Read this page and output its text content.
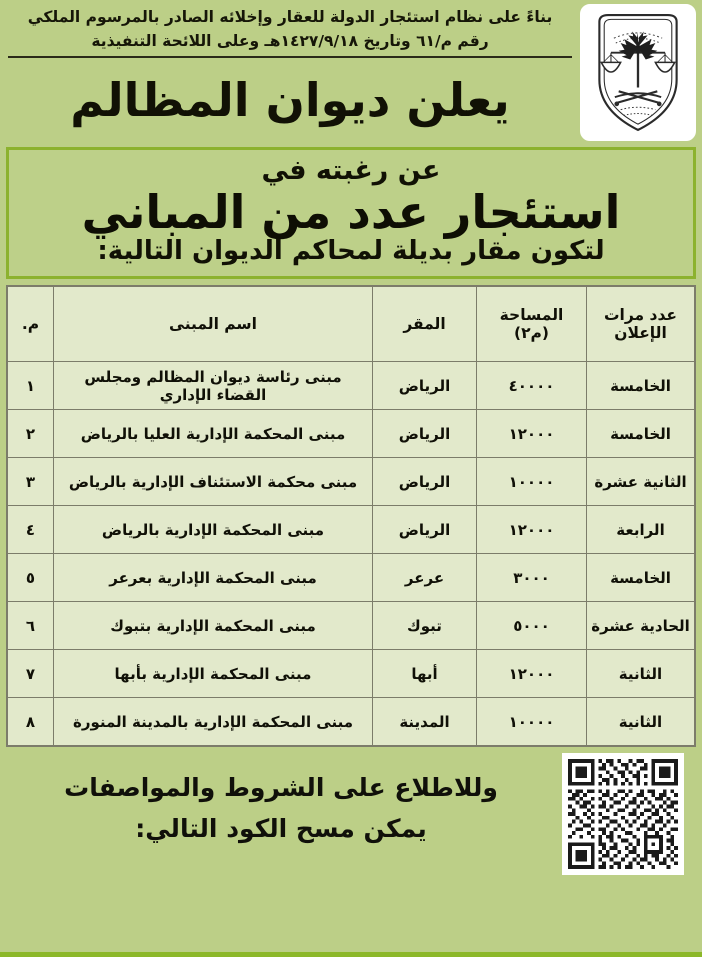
بناءً على نظام استئجار الدولة للعقار وإخلائه الصادر بالمرسوم الملكي رقم م/٦١ وتاريخ ١٤٢٧/٩/١٨هـ وعلى اللائحة التنفيذية
يعلن ديوان المظالم
عن رغبته في
استئجار عدد من المباني
لتكون مقار بديلة لمحاكم الديوان التالية:
عدد مرات الإعلان	المساحة (م٢)	المقر	اسم المبنى	م.
الخامسة	٤٠٠٠٠	الرياض	مبنى رئاسة ديوان المظالم ومجلس القضاء الإداري	١
الخامسة	١٢٠٠٠	الرياض	مبنى المحكمة الإدارية العليا بالرياض	٢
الثانية عشرة	١٠٠٠٠	الرياض	مبنى محكمة الاستئناف الإدارية بالرياض	٣
الرابعة	١٢٠٠٠	الرياض	مبنى المحكمة الإدارية بالرياض	٤
الخامسة	٣٠٠٠	عرعر	مبنى المحكمة الإدارية بعرعر	٥
الحادية عشرة	٥٠٠٠	تبوك	مبنى المحكمة الإدارية بتبوك	٦
الثانية	١٢٠٠٠	أبها	مبنى المحكمة الإدارية بأبها	٧
الثانية	١٠٠٠٠	المدينة	مبنى المحكمة الإدارية بالمدينة المنورة	٨
وللاطلاع على الشروط والمواصفات
يمكن مسح الكود التالي:
